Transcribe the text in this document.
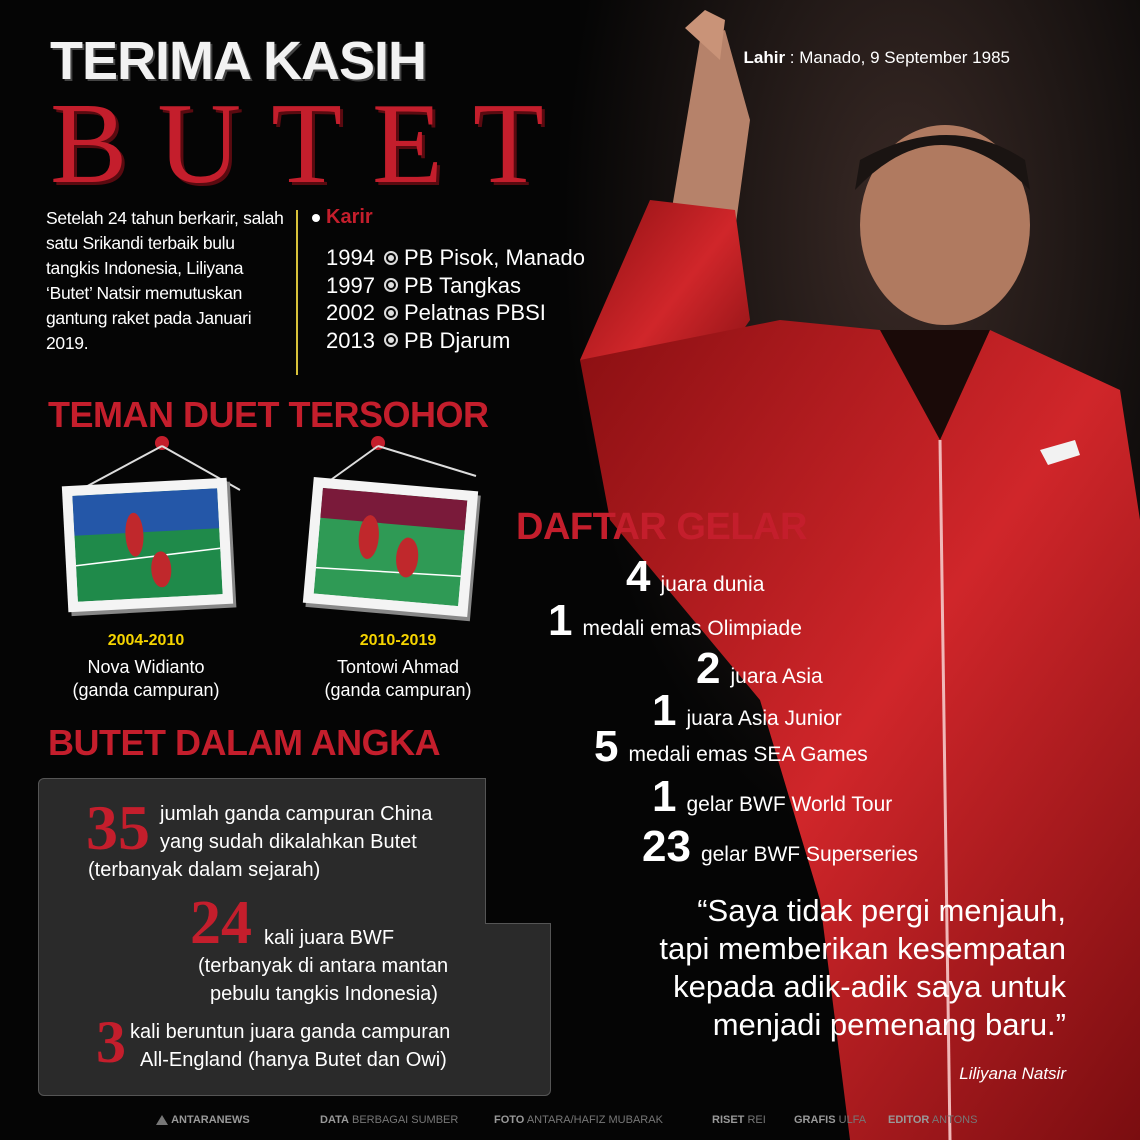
TERIMA KASIH
BUTET
Lahir : Manado, 9 September 1985
Setelah 24 tahun berkarir, salah satu Srikandi terbaik bulu tangkis Indonesia, Liliyana ‘Butet’ Natsir memutuskan gantung raket pada Januari 2019.
Karir
1994 PB Pisok, Manado
1997 PB Tangkas
2002 Pelatnas PBSI
2013 PB Djarum
TEMAN DUET TERSOHOR
2004-2010
Nova Widianto
(ganda campuran)
2010-2019
Tontowi Ahmad
(ganda campuran)
BUTET DALAM ANGKA
35 jumlah ganda campuran China
yang sudah dikalahkan Butet
(terbanyak dalam sejarah)
24 kali juara BWF
(terbanyak di antara mantan
pebulu tangkis Indonesia)
3 kali beruntun juara ganda campuran
All-England (hanya Butet dan Owi)
DAFTAR GELAR
4 juara dunia
1 medali emas Olimpiade
2 juara Asia
1 juara Asia Junior
5 medali emas SEA Games
1 gelar BWF World Tour
23 gelar BWF Superseries
“Saya tidak pergi menjauh,
tapi memberikan kesempatan
kepada adik-adik saya untuk
menjadi pemenang baru.”
Liliyana Natsir
ANTARANEWS	DATA BERBAGAI SUMBER	FOTO ANTARA/HAFIZ MUBARAK	RISET REI	GRAFIS ULFA EDITOR ANTONS
